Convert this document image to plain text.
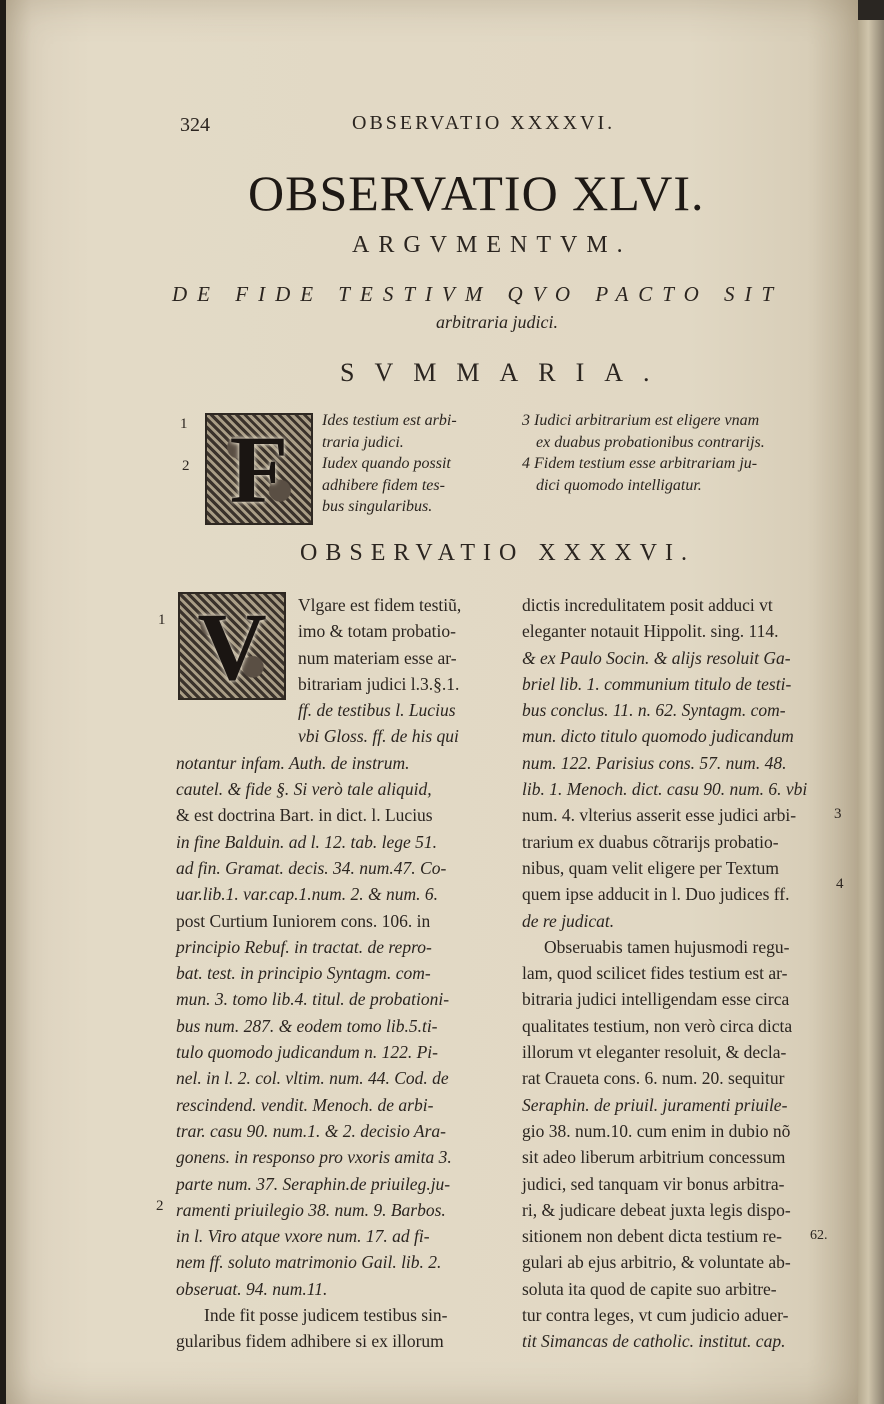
324	OBSERVATIO XXXXVI.
OBSERVATIO XLVI.
ARGVMENTVM.
DE FIDE TESTIVM QVO PACTO SIT
arbitraria judici.
SVMMARIA.
1
2 F	Ides testium est arbi-
traria judici.
Iudex quando possit
adhibere fidem tes-
bus singularibus.
3 Iudici arbitrarium est eligere vnam
ex duabus probationibus contrarijs.
4 Fidem testium esse arbitrariam ju-
dici quomodo intelligatur.
OBSERVATIO XXXXVI.
1
2
3
4
V	Vlgare est fidem testiũ,
imo & totam probatio-
num materiam esse ar-
bitrariam judici l.3.§.1.
ff. de testibus l. Lucius
vbi Gloss. ff. de his qui
notantur infam. Auth. de instrum.
cautel. & fide §. Si verò tale aliquid,
& est doctrina Bart. in dict. l. Lucius
in fine Balduin. ad l. 12. tab. lege 51.
ad fin. Gramat. decis. 34. num.47. Co-
uar.lib.1. var.cap.1.num. 2. & num. 6.
post Curtium Iuniorem cons. 106. in
principio Rebuf. in tractat. de repro-
bat. test. in principio Syntagm. com-
mun. 3. tomo lib.4. titul. de probationi-
bus num. 287. & eodem tomo lib.5.ti-
tulo quomodo judicandum n. 122. Pi-
nel. in l. 2. col. vltim. num. 44. Cod. de
rescindend. vendit. Menoch. de arbi-
trar. casu 90. num.1. & 2. decisio Ara-
gonens. in responso pro vxoris amita 3.
parte num. 37. Seraphin.de priuileg.ju-
ramenti priuilegio 38. num. 9. Barbos.
in l. Viro atque vxore num. 17. ad fi-
nem ff. soluto matrimonio Gail. lib. 2.
obseruat. 94. num.11.
Inde fit posse judicem testibus sin-
gularibus fidem adhibere si ex illorum
dictis incredulitatem posit adduci vt
eleganter notauit Hippolit. sing. 114.
& ex Paulo Socin. & alijs resoluit Ga-
briel lib. 1. communium titulo de testi-
bus conclus. 11. n. 62. Syntagm. com-
mun. dicto titulo quomodo judicandum
num. 122. Parisius cons. 57. num. 48.
lib. 1. Menoch. dict. casu 90. num. 6. vbi
num. 4. vlterius asserit esse judici arbi-
trarium ex duabus cõtrarijs probatio-
nibus, quam velit eligere per Textum
quem ipse adducit in l. Duo judices ff.
de re judicat.
Obseruabis tamen hujusmodi regu-
lam, quod scilicet fides testium est ar-
bitraria judici intelligendam esse circa
qualitates testium, non verò circa dicta
illorum vt eleganter resoluit, & decla-
rat Craueta cons. 6. num. 20. sequitur
Seraphin. de priuil. juramenti priuile-
gio 38. num.10. cum enim in dubio nõ
sit adeo liberum arbitrium concessum
judici, sed tanquam vir bonus arbitra-
ri, & judicare debeat juxta legis dispo-
sitionem non debent dicta testium re-
gulari ab ejus arbitrio, & voluntate ab-
soluta ita quod de capite suo arbitre-
tur contra leges, vt cum judicio aduer-
tit Simancas de catholic. institut. cap.
62.
